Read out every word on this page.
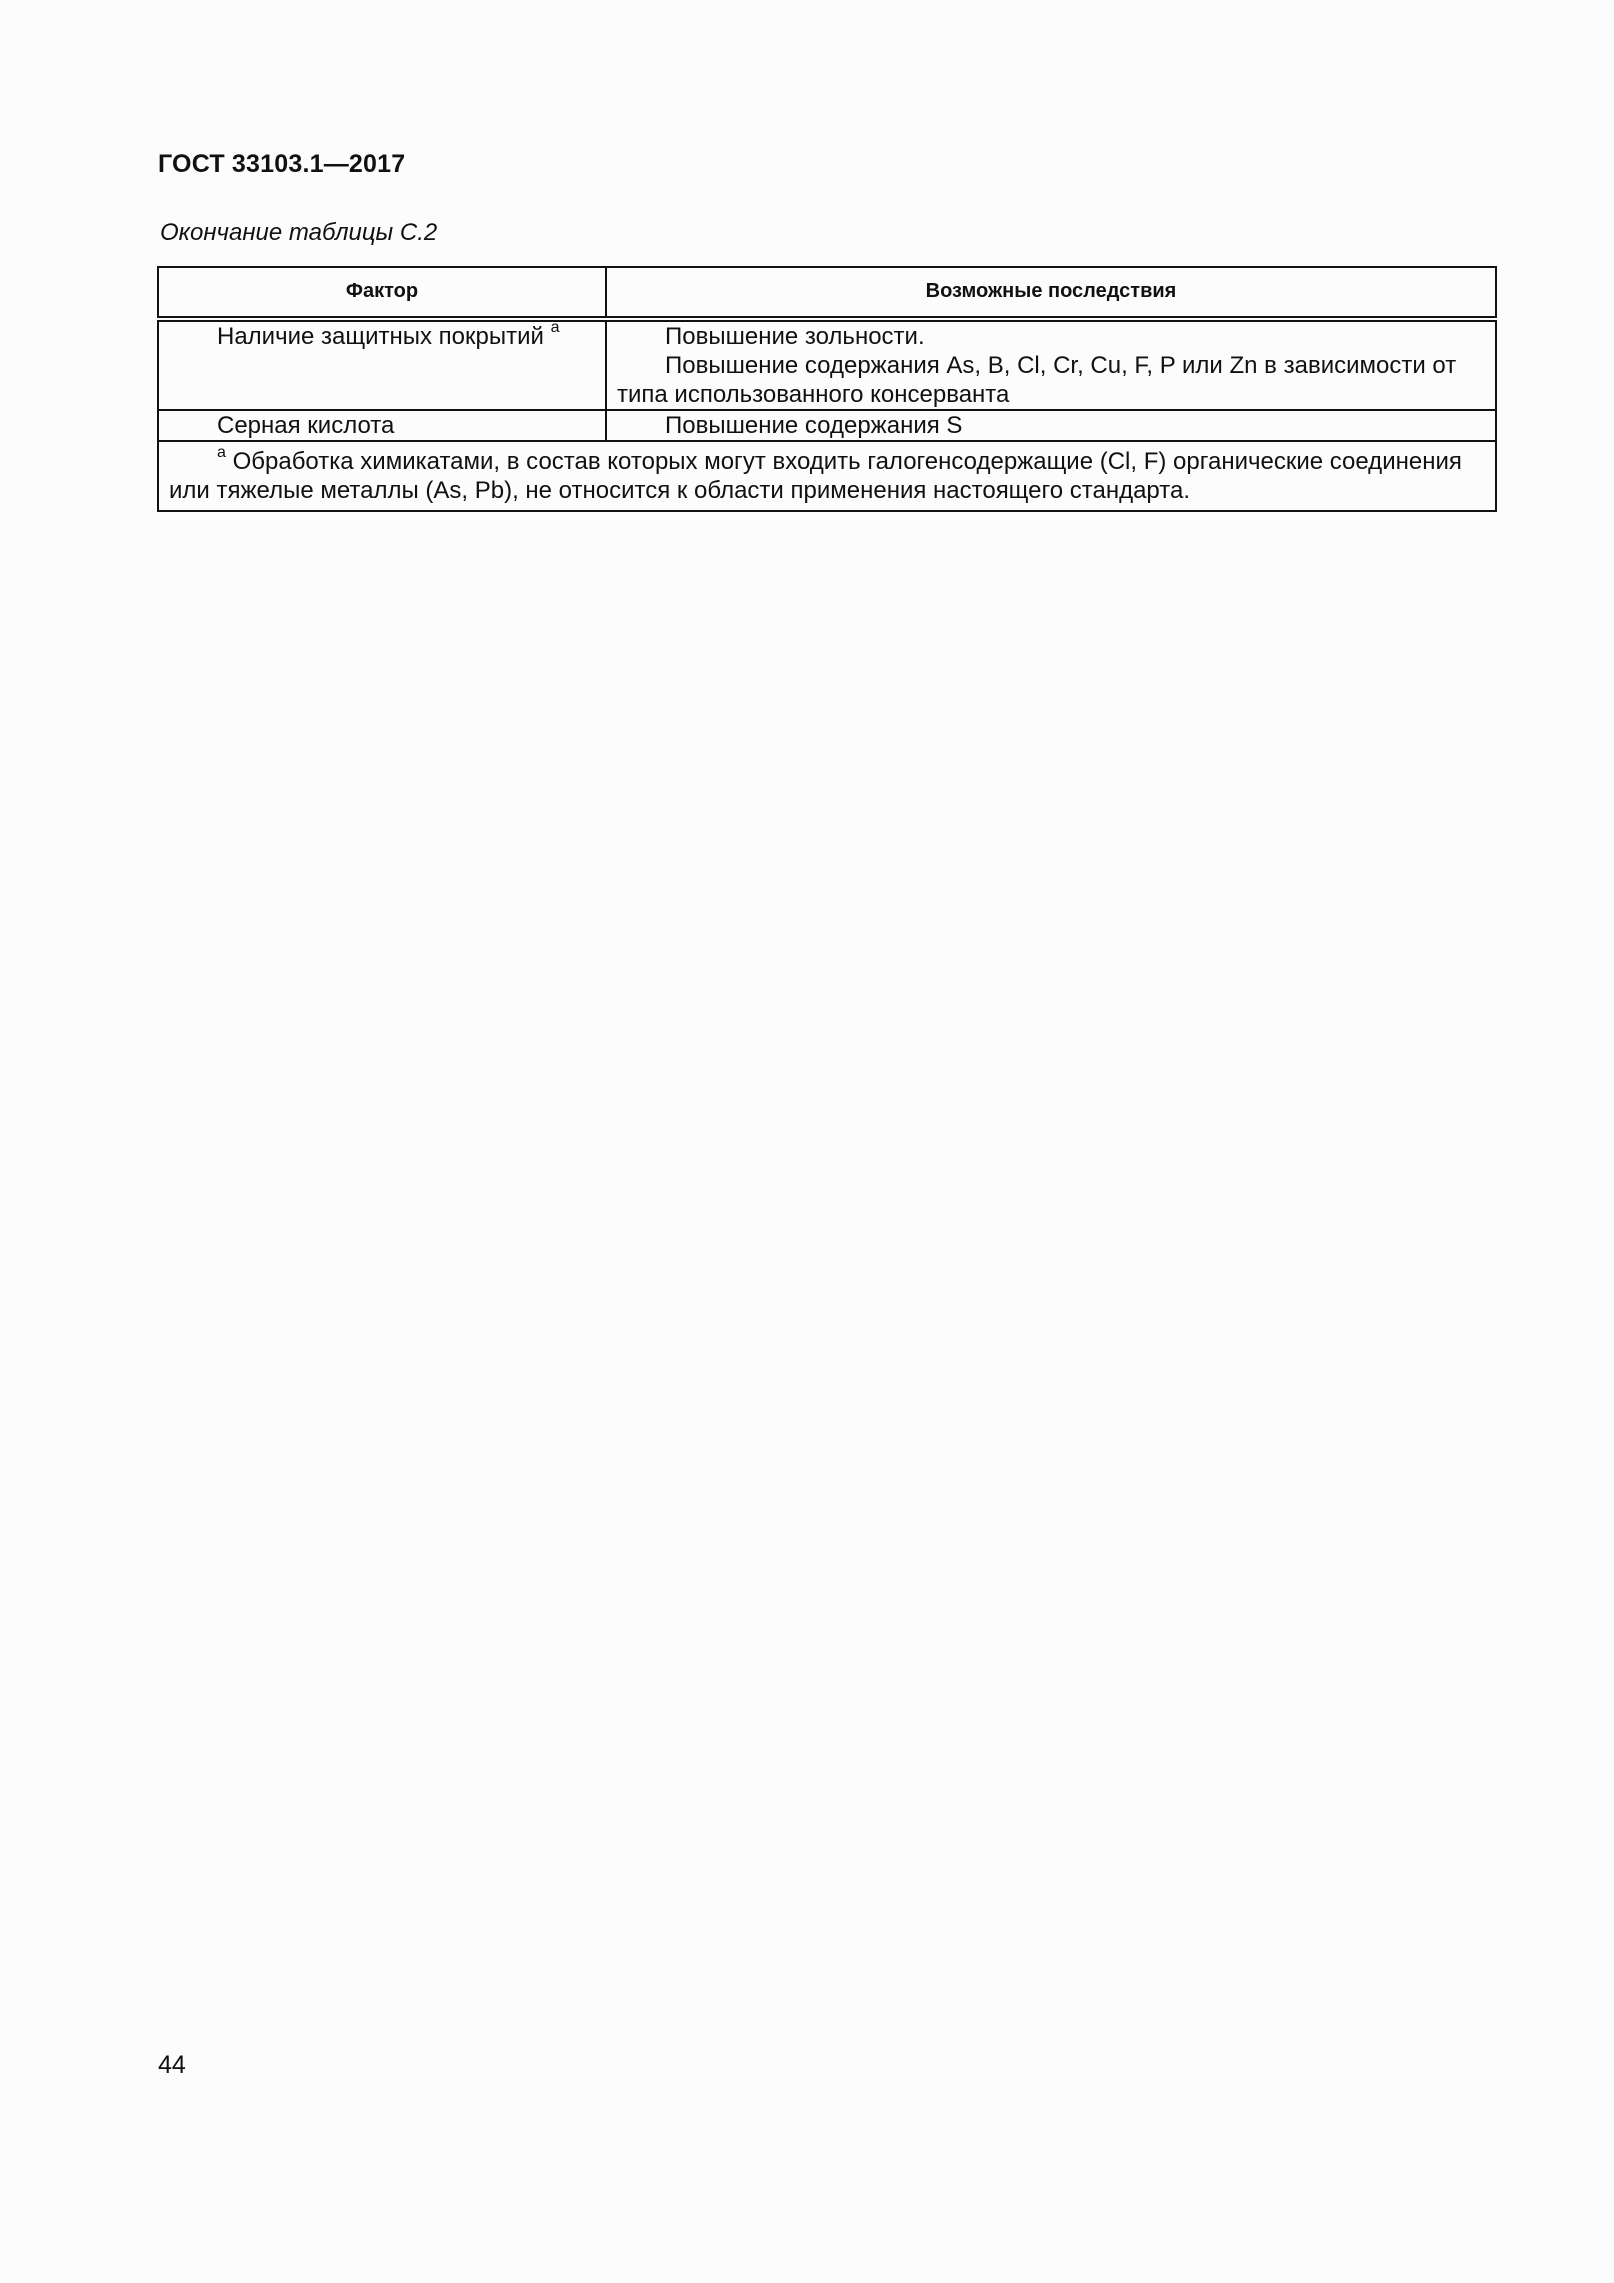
ГОСТ 33103.1—2017
Окончание таблицы С.2
Фактор	Возможные последствия
Наличие защитных покрытий $^а$	Повышение зольности.
Повышение содержания As, B, Cl, Cr, Cu, F, P или Zn в зависимости от типа использованного консерванта

Серная кислота	Повышение содержания S

$^а$ Обработка химикатами, в состав которых могут входить галогенсодержащие (Cl, F) органические соединения или тяжелые металлы (As, Pb), не относится к области применения настоящего стандарта.	
44
